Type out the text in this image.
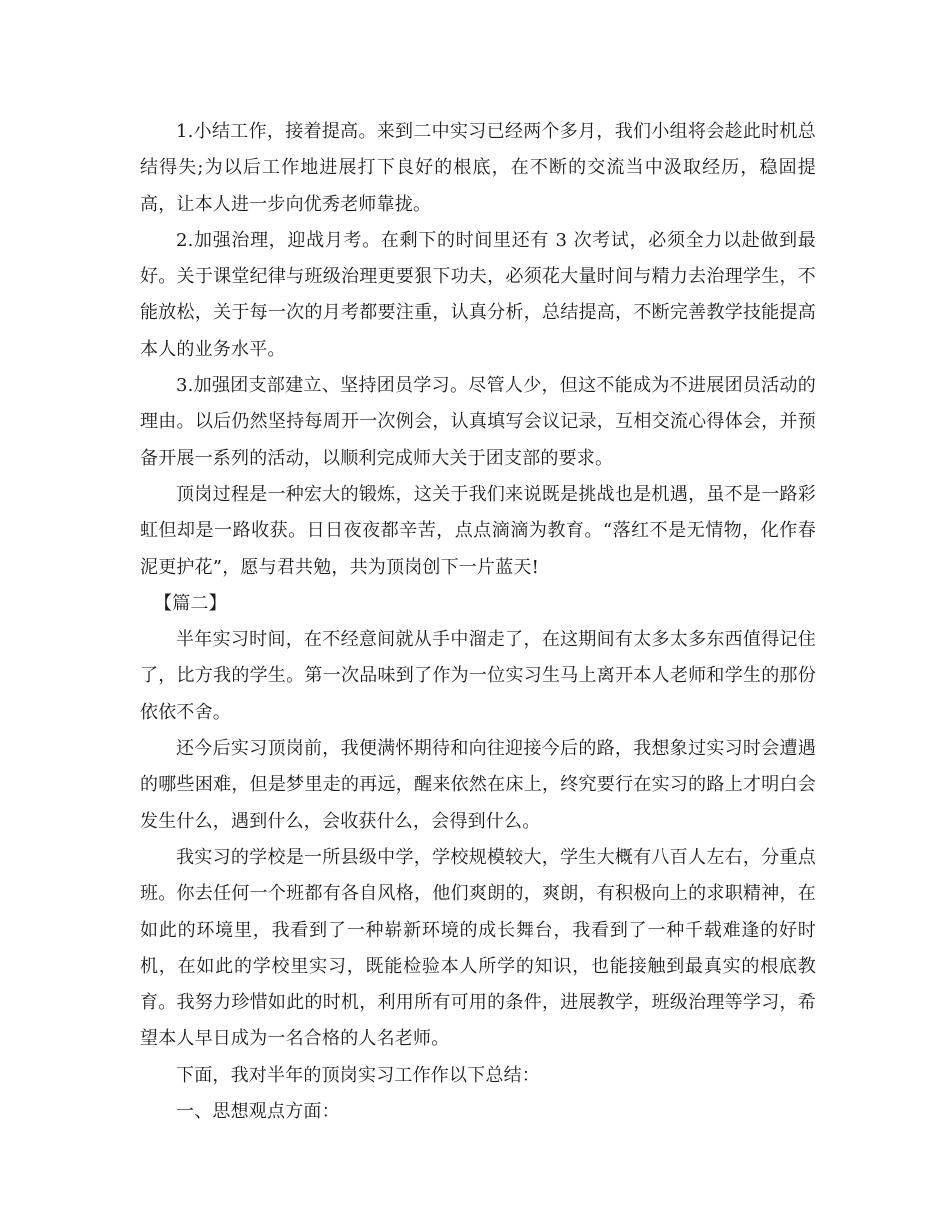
1.小结工作，接着提高。来到二中实习已经两个多月，我们小组将会趁此时机总结得失;为以后工作地进展打下良好的根底，在不断的交流当中汲取经历，稳固提高，让本人进一步向优秀老师靠拢。

2.加强治理，迎战月考。在剩下的时间里还有 3 次考试，必须全力以赴做到最好。关于课堂纪律与班级治理更要狠下功夫，必须花大量时间与精力去治理学生，不能放松，关于每一次的月考都要注重，认真分析，总结提高，不断完善教学技能提高本人的业务水平。

3.加强团支部建立、坚持团员学习。尽管人少，但这不能成为不进展团员活动的理由。以后仍然坚持每周开一次例会，认真填写会议记录，互相交流心得体会，并预备开展一系列的活动，以顺利完成师大关于团支部的要求。

顶岗过程是一种宏大的锻炼，这关于我们来说既是挑战也是机遇，虽不是一路彩虹但却是一路收获。日日夜夜都辛苦，点点滴滴为教育。“落红不是无情物，化作春泥更护花”，愿与君共勉，共为顶岗创下一片蓝天!

【篇二】

半年实习时间，在不经意间就从手中溜走了，在这期间有太多太多东西值得记住了，比方我的学生。第一次品味到了作为一位实习生马上离开本人老师和学生的那份依依不舍。

还今后实习顶岗前，我便满怀期待和向往迎接今后的路，我想象过实习时会遭遇的哪些困难，但是梦里走的再远，醒来依然在床上，终究要行在实习的路上才明白会发生什么，遇到什么，会收获什么，会得到什么。

我实习的学校是一所县级中学，学校规模较大，学生大概有八百人左右，分重点班。你去任何一个班都有各自风格，他们爽朗的，爽朗，有积极向上的求职精神，在如此的环境里，我看到了一种崭新环境的成长舞台，我看到了一种千载难逢的好时机，在如此的学校里实习，既能检验本人所学的知识，也能接触到最真实的根底教育。我努力珍惜如此的时机，利用所有可用的条件，进展教学，班级治理等学习，希望本人早日成为一名合格的人名老师。

下面，我对半年的顶岗实习工作作以下总结：

一、思想观点方面：
